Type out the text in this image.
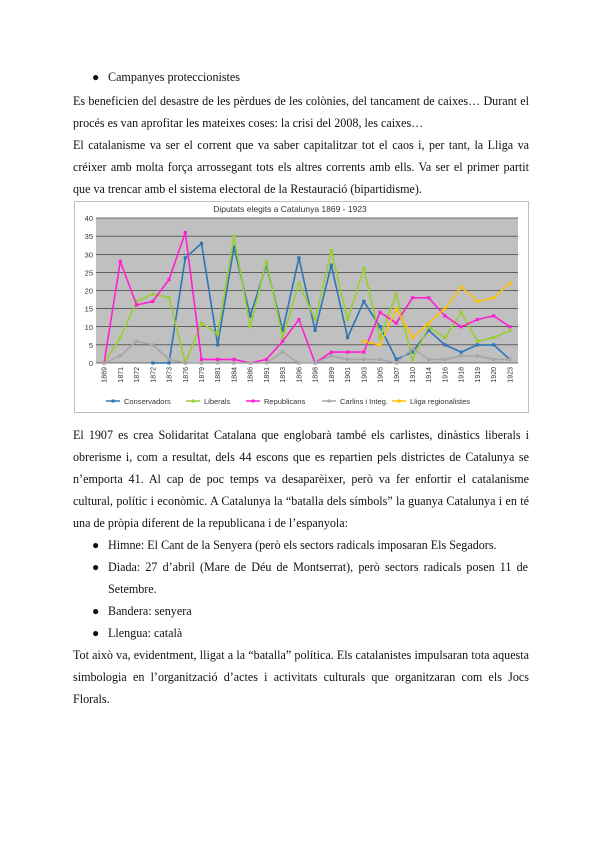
● Campanyes proteccionistes

Es beneficien del desastre de les pèrdues de les colònies, del tancament de caixes… Durant el procés es van aprofitar les mateixes coses: la crisi del 2008, les caixes…

El catalanisme va ser el corrent que va saber capitalitzar tot el caos i, per tant, la Lliga va créixer amb molta força arrossegant tots els altres corrents amb ells. Va ser el primer partit que va trencar amb el sistema electoral de la Restauració (bipartidisme).

Diputats elegits a Catalunya 1869 - 1923
0
5
10
15
20
25
30
35
40
1869 1871 1872 1872 1873 1876 1879 1881 1884 1886 1891 1893 1896 1898 1899 1901 1903 1905 1907 1910 1914 1916 1918 1919 1920 1923
Conservadors	Liberals	Republicans	Carlins i Integ.	Lliga regionalistes

El 1907 es crea Solidaritat Catalana que englobarà també els carlistes, dinàstics liberals i obrerisme i, com a resultat, dels 44 escons que es repartien pels districtes de Catalunya se n’emporta 41. Al cap de poc temps va desaparèixer, però va fer enfortir el catalanisme cultural, polític i econòmic. A Catalunya la “batalla dels símbols” la guanya Catalunya i en té una de pròpia diferent de la republicana i de l’espanyola:

● Himne: El Cant de la Senyera (però els sectors radicals imposaran Els Segadors.

● Diada: 27 d’abril (Mare de Déu de Montserrat), però sectors radicals posen 11 de Setembre.

● Bandera: senyera

● Llengua: català

Tot això va, evidentment, lligat a la “batalla” política. Els catalanistes impulsaran tota aquesta simbologia en l’organització d’actes i activitats culturals que organitzaran com els Jocs Florals.
